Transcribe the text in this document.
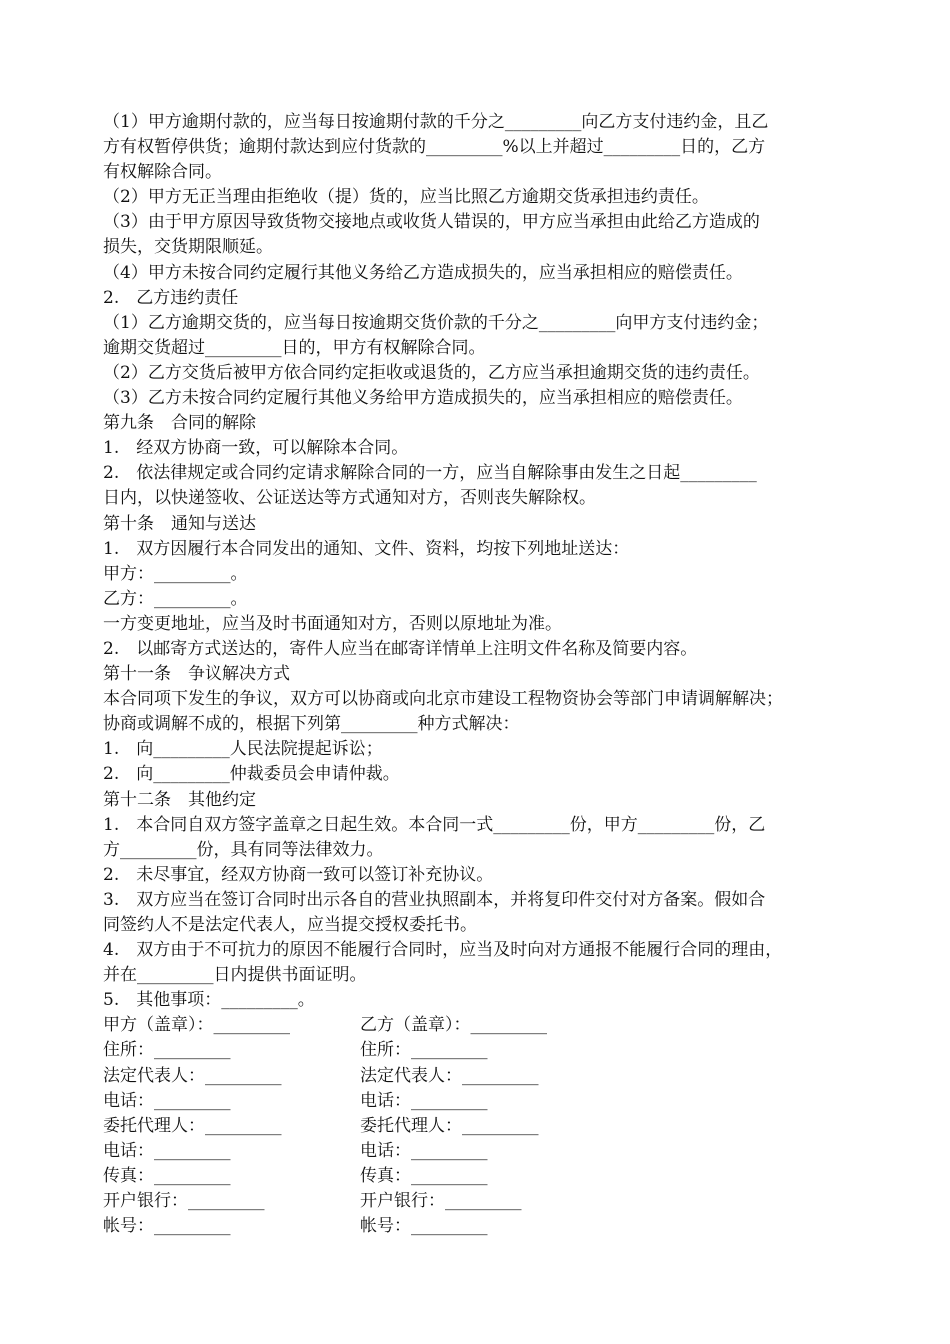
（1）甲方逾期付款的，应当每日按逾期付款的千分之_________向乙方支付违约金，且乙
方有权暂停供货；逾期付款达到应付货款的_________%以上并超过_________日的，乙方
有权解除合同。
（2）甲方无正当理由拒绝收（提）货的，应当比照乙方逾期交货承担违约责任。
（3）由于甲方原因导致货物交接地点或收货人错误的，甲方应当承担由此给乙方造成的
损失，交货期限顺延。
（4）甲方未按合同约定履行其他义务给乙方造成损失的，应当承担相应的赔偿责任。
2.　乙方违约责任
（1）乙方逾期交货的，应当每日按逾期交货价款的千分之_________向甲方支付违约金；
逾期交货超过_________日的，甲方有权解除合同。
（2）乙方交货后被甲方依合同约定拒收或退货的，乙方应当承担逾期交货的违约责任。
（3）乙方未按合同约定履行其他义务给甲方造成损失的，应当承担相应的赔偿责任。
第九条　合同的解除
1.　经双方协商一致，可以解除本合同。
2.　依法律规定或合同约定请求解除合同的一方，应当自解除事由发生之日起_________
日内，以快递签收、公证送达等方式通知对方，否则丧失解除权。
第十条　通知与送达
1.　双方因履行本合同发出的通知、文件、资料，均按下列地址送达：
甲方：_________。
乙方：_________。
一方变更地址，应当及时书面通知对方，否则以原地址为准。
2.　以邮寄方式送达的，寄件人应当在邮寄详情单上注明文件名称及简要内容。
第十一条　争议解决方式
本合同项下发生的争议，双方可以协商或向北京市建设工程物资协会等部门申请调解解决；
协商或调解不成的，根据下列第_________种方式解决：
1.　向_________人民法院提起诉讼；
2.　向_________仲裁委员会申请仲裁。
第十二条　其他约定
1.　本合同自双方签字盖章之日起生效。本合同一式_________份，甲方_________份，乙
方_________份，具有同等法律效力。
2.　未尽事宜，经双方协商一致可以签订补充协议。
3.　双方应当在签订合同时出示各自的营业执照副本，并将复印件交付对方备案。假如合
同签约人不是法定代表人，应当提交授权委托书。
4.　双方由于不可抗力的原因不能履行合同时，应当及时向对方通报不能履行合同的理由，
并在_________日内提供书面证明。
5.　其他事项：_________。
甲方（盖章）：_________	乙方（盖章）：_________
住所：_________	住所：_________
法定代表人：_________	法定代表人：_________
电话：_________	电话：_________
委托代理人：_________	委托代理人：_________
电话：_________	电话：_________
传真：_________	传真：_________
开户银行：_________	开户银行：_________
帐号：_________	帐号：_________
